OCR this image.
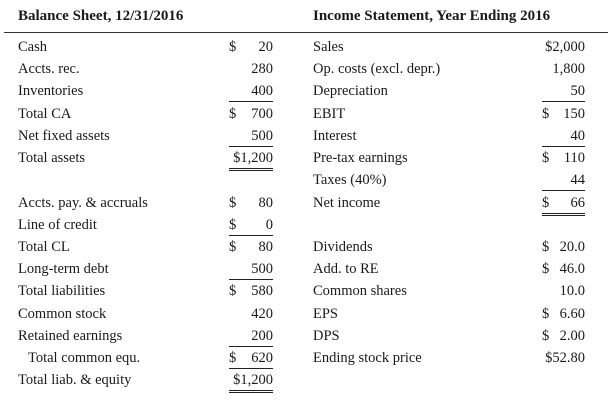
Balance Sheet, 12/31/2016
Cash	$ 20
Accts. rec.	280
Inventories	400
Total CA	$ 700
Net fixed assets	500
Total assets	$1,200
Accts. pay. & accruals	$ 80
Line of credit	$ 0
Total CL	$ 80
Long-term debt	500
Total liabilities	$ 580
Common stock	420
Retained earnings	200
Total common equ.	$ 620
Total liab. & equity	$1,200
Income Statement, Year Ending 2016
Sales	$2,000
Op. costs (excl. depr.)	1,800
Depreciation	50
EBIT	$ 150
Interest	40
Pre-tax earnings	$ 110
Taxes (40%)	44
Net income	$ 66
Dividends	$ 20.0
Add. to RE	$ 46.0
Common shares	10.0
EPS	$ 6.60
DPS	$ 2.00
Ending stock price	$52.80
